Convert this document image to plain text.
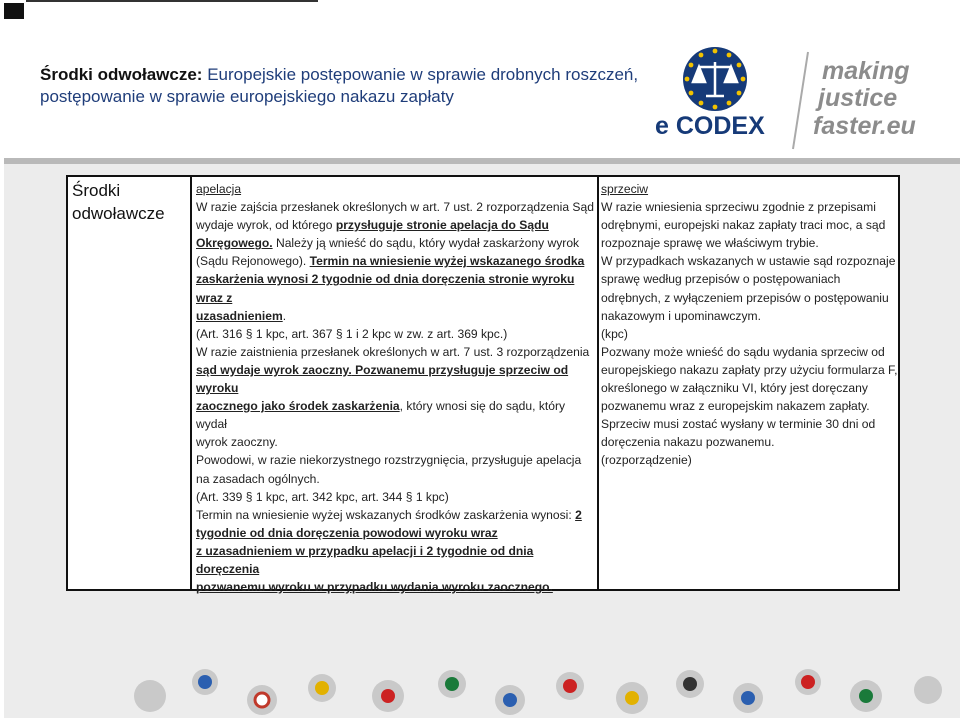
Środki odwoławcze: Europejskie postępowanie w sprawie drobnych roszczeń,
postępowanie w sprawie europejskiego nakazu zapłaty
e CODEX
making
justice
faster.eu
Środki
odwoławcze

apelacja

W razie zajścia przesłanek określonych w art. 7 ust. 2 rozporządzenia Sąd

wydaje wyrok, od którego przysługuje stronie apelacja do Sądu

Okręgowego. Należy ją wnieść do sądu, który wydał zaskarżony wyrok

(Sądu Rejonowego). Termin na wniesienie wyżej wskazanego środka

zaskarżenia wynosi 2 tygodnie od dnia doręczenia stronie wyroku wraz z

uzasadnieniem.

(Art. 316 § 1 kpc, art. 367 § 1 i 2 kpc w zw. z art. 369 kpc.)

W razie zaistnienia przesłanek określonych w art. 7 ust. 3 rozporządzenia

sąd wydaje wyrok zaoczny. Pozwanemu przysługuje sprzeciw od wyroku

zaocznego jako środek zaskarżenia, który wnosi się do sądu, który wydał

wyrok zaoczny.

Powodowi, w razie niekorzystnego rozstrzygnięcia, przysługuje apelacja

na zasadach ogólnych.

(Art. 339 § 1 kpc, art. 342 kpc, art. 344 § 1 kpc)

Termin na wniesienie wyżej wskazanych środków zaskarżenia wynosi: 2

tygodnie od dnia doręczenia powodowi wyroku wraz

z uzasadnieniem w przypadku apelacji i 2 tygodnie od dnia doręczenia

pozwanemu wyroku w przypadku wydania wyroku zaocznego.

sprzeciw

W razie wniesienia sprzeciwu zgodnie z przepisami

odrębnymi, europejski nakaz zapłaty traci moc, a sąd

rozpoznaje sprawę we właściwym trybie.

W przypadkach wskazanych w ustawie sąd rozpoznaje

sprawę według przepisów o postępowaniach

odrębnych, z wyłączeniem przepisów o postępowaniu

nakazowym i upominawczym.

(kpc)

Pozwany może wnieść do sądu wydania sprzeciw od

europejskiego nakazu zapłaty przy użyciu formularza F,

określonego w załączniku VI, który jest doręczany

pozwanemu wraz z europejskim nakazem zapłaty.

Sprzeciw musi zostać wysłany w terminie 30 dni od

doręczenia nakazu pozwanemu.

(rozporządzenie)
